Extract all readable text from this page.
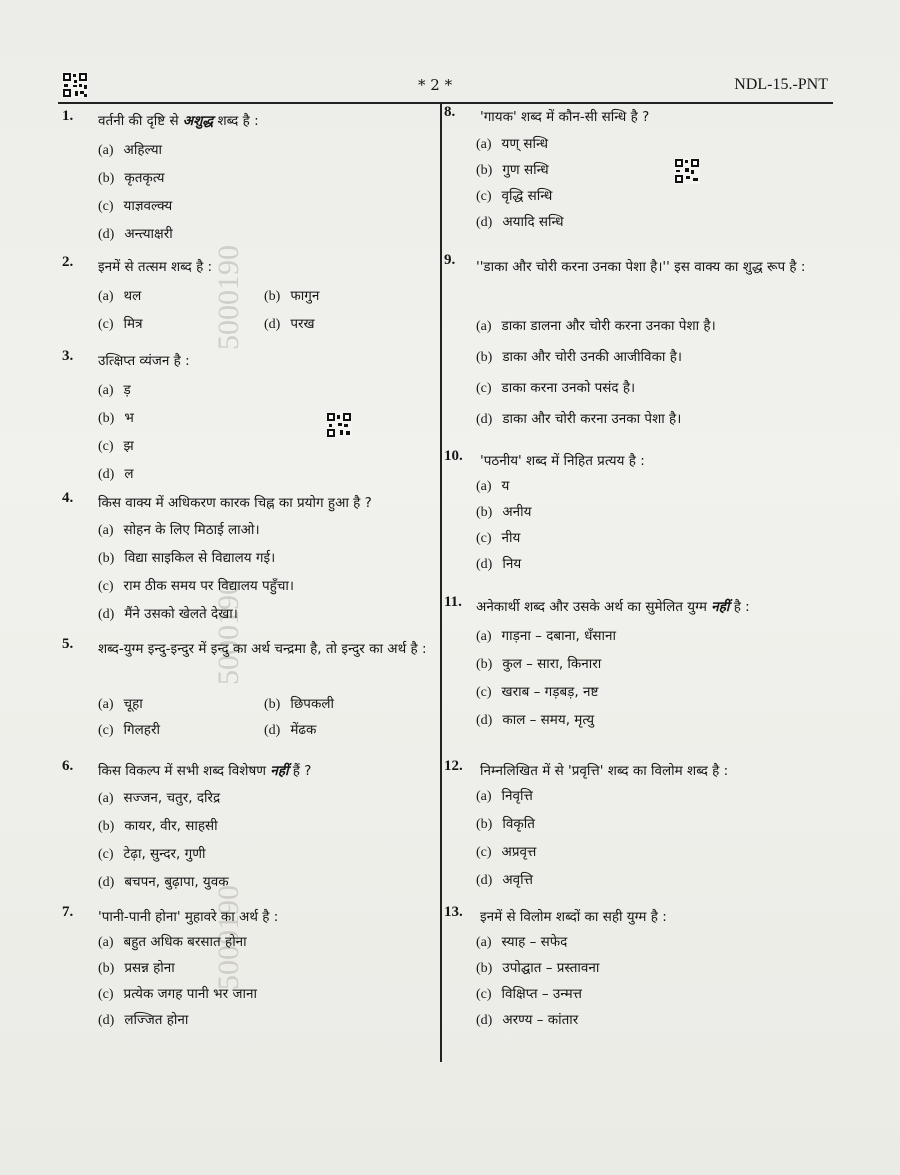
* 2 *	NDL-15.-PNT
5000190
5000190
5000190
1. वर्तनी की दृष्टि से अशुद्ध शब्द है :
(a) अहिल्या
(b) कृतकृत्य
(c) याज्ञवल्क्य
(d) अन्त्याक्षरी
2. इनमें से तत्सम शब्द है :
(a) थल	(b) फागुन
(c) मित्र	(d) परख
3. उत्क्षिप्त व्यंजन है :
(a) ड़
(b) भ
(c) झ
(d) ल
4. किस वाक्य में अधिकरण कारक चिह्न का प्रयोग हुआ है ?
(a) सोहन के लिए मिठाई लाओ।
(b) विद्या साइकिल से विद्यालय गई।
(c) राम ठीक समय पर विद्यालय पहुँचा।
(d) मैंने उसको खेलते देखा।
5. शब्द-युग्म इन्दु-इन्दुर में इन्दु का अर्थ चन्द्रमा है, तो इन्दुर का अर्थ है :
(a) चूहा	(b) छिपकली
(c) गिलहरी	(d) मेंढक
6. किस विकल्प में सभी शब्द विशेषण नहीं हैं ?
(a) सज्जन, चतुर, दरिद्र
(b) कायर, वीर, साहसी
(c) टेढ़ा, सुन्दर, गुणी
(d) बचपन, बुढ़ापा, युवक
7. 'पानी-पानी होना' मुहावरे का अर्थ है :
(a) बहुत अधिक बरसात होना
(b) प्रसन्न होना
(c) प्रत्येक जगह पानी भर जाना
(d) लज्जित होना
8. 'गायक' शब्द में कौन-सी सन्धि है ?
(a) यण् सन्धि
(b) गुण सन्धि
(c) वृद्धि सन्धि
(d) अयादि सन्धि
9. ''डाका और चोरी करना उनका पेशा है।'' इस वाक्य का शुद्ध रूप है :
(a) डाका डालना और चोरी करना उनका पेशा है।
(b) डाका और चोरी उनकी आजीविका है।
(c) डाका करना उनको पसंद है।
(d) डाका और चोरी करना उनका पेशा है।
10. 'पठनीय' शब्द में निहित प्रत्यय है :
(a) य
(b) अनीय
(c) नीय
(d) निय
11. अनेकार्थी शब्द और उसके अर्थ का सुमेलित युग्म नहीं है :
(a) गाड़ना – दबाना, धँसाना
(b) कुल – सारा, किनारा
(c) खराब – गड़बड़, नष्ट
(d) काल – समय, मृत्यु
12. निम्नलिखित में से 'प्रवृत्ति' शब्द का विलोम शब्द है :
(a) निवृत्ति
(b) विकृति
(c) अप्रवृत्त
(d) अवृत्ति
13. इनमें से विलोम शब्दों का सही युग्म है :
(a) स्याह – सफेद
(b) उपोद्घात – प्रस्तावना
(c) विक्षिप्त – उन्मत्त
(d) अरण्य – कांतार
